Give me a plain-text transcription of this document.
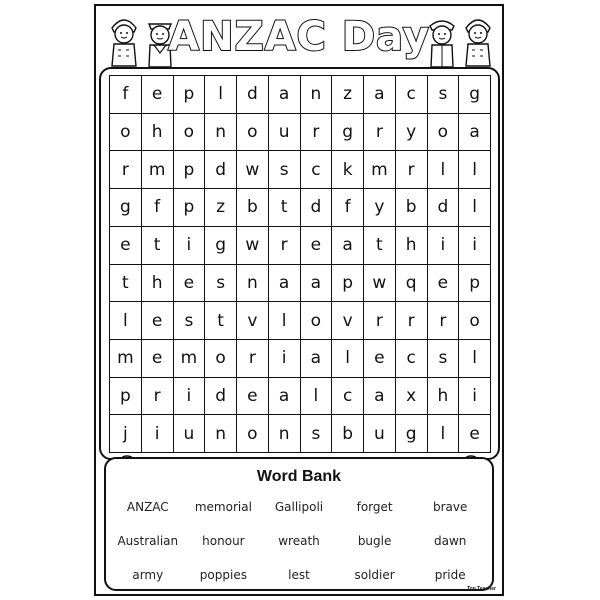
ANZAC Day
f	e	p	l	d	a	n	z	a	c	s	g
o	h	o	n	o	u	r	g	r	y	o	a
r	m	p	d	w	s	c	k	m	r	l	l
g	f	p	z	b	t	d	f	y	b	d	l
e	t	i	g	w	r	e	a	t	h	i	i
t	h	e	s	n	a	a	p	w	q	e	p
l	e	s	t	v	l	o	v	r	r	r	o
m	e	m	o	r	i	a	l	e	c	s	l
p	r	i	d	e	a	l	c	a	x	h	i
j	i	u	n	o	n	s	b	u	g	l	e
Word Bank
ANZAC	memorial	Gallipoli	forget	brave
Australian	honour	wreath	bugle	dawn
army	poppies	lest	soldier	pride
Top Teacher
